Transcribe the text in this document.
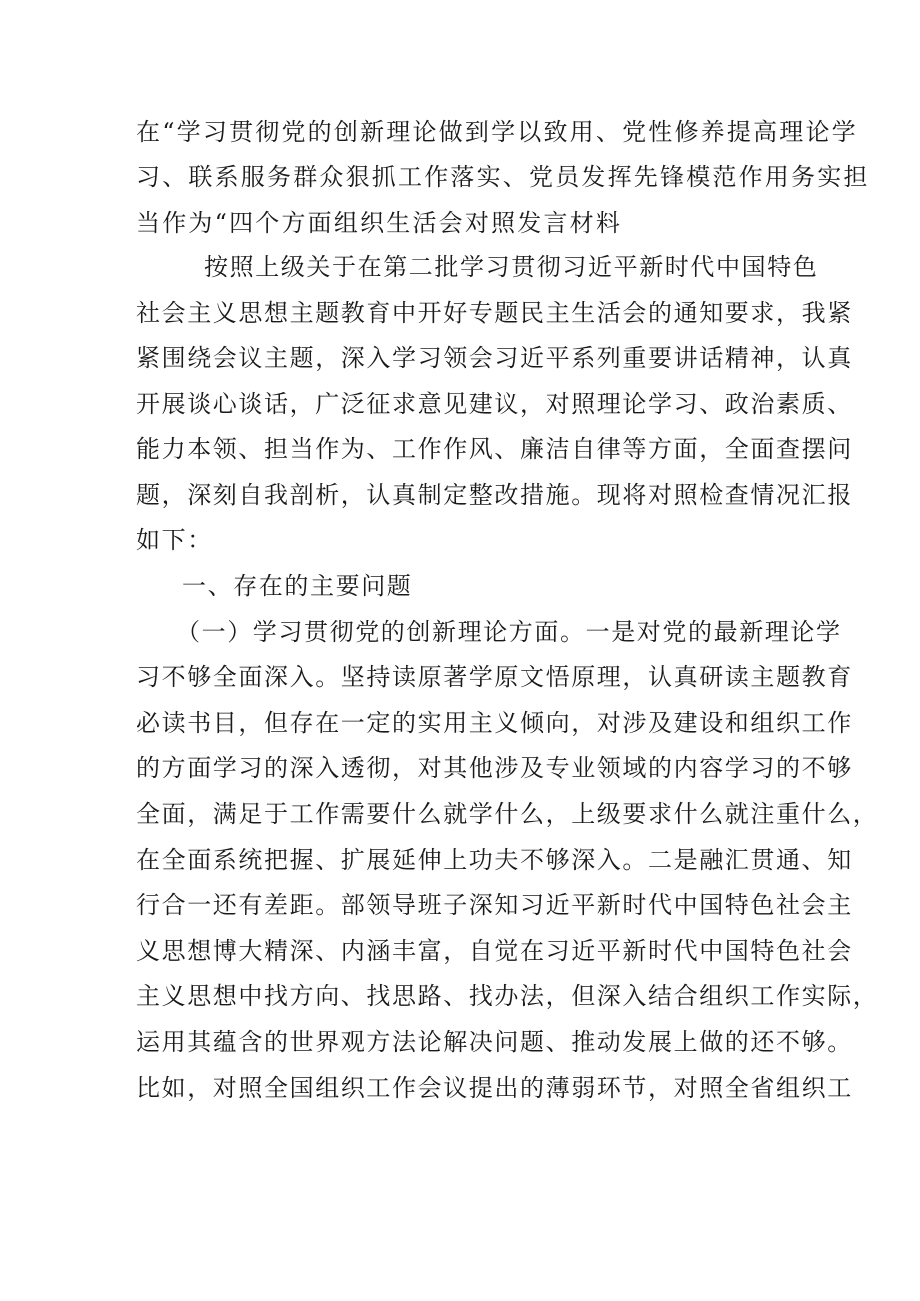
在“学习贯彻党的创新理论做到学以致用、党性修养提高理论学
习、联系服务群众狠抓工作落实、党员发挥先锋模范作用务实担
当作为“四个方面组织生活会对照发言材料
按照上级关于在第二批学习贯彻习近平新时代中国特色
社会主义思想主题教育中开好专题民主生活会的通知要求，我紧
紧围绕会议主题，深入学习领会习近平系列重要讲话精神，认真
开展谈心谈话，广泛征求意见建议，对照理论学习、政治素质、
能力本领、担当作为、工作作风、廉洁自律等方面，全面查摆问
题，深刻自我剖析，认真制定整改措施。现将对照检查情况汇报
如下：
一、存在的主要问题
（一）学习贯彻党的创新理论方面。一是对党的最新理论学
习不够全面深入。坚持读原著学原文悟原理，认真研读主题教育
必读书目，但存在一定的实用主义倾向，对涉及建设和组织工作
的方面学习的深入透彻，对其他涉及专业领域的内容学习的不够
全面，满足于工作需要什么就学什么，上级要求什么就注重什么，
在全面系统把握、扩展延伸上功夫不够深入。二是融汇贯通、知
行合一还有差距。部领导班子深知习近平新时代中国特色社会主
义思想博大精深、内涵丰富，自觉在习近平新时代中国特色社会
主义思想中找方向、找思路、找办法，但深入结合组织工作实际，
运用其蕴含的世界观方法论解决问题、推动发展上做的还不够。
比如，对照全国组织工作会议提出的薄弱环节，对照全省组织工
